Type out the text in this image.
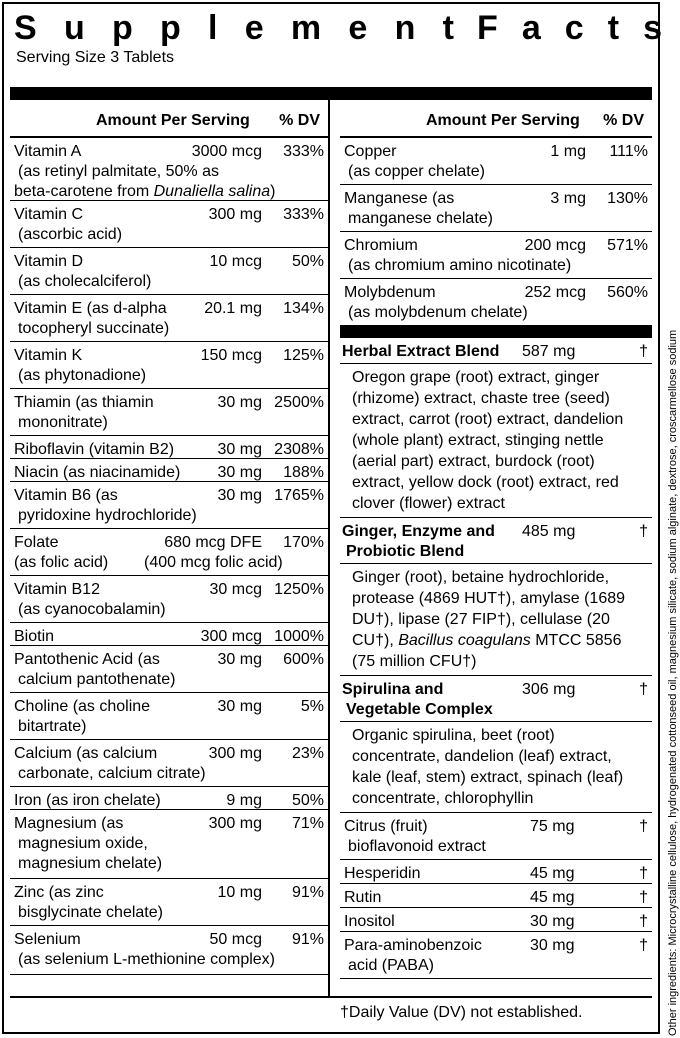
S u p p l e m e n t F a c t s
Serving Size 3 Tablets
Amount Per Serving % DV
Vitamin A	3000 mcg 333%
(as retinyl palmitate, 50% as
beta-carotene from Dunaliella salina)
Vitamin C	300 mg 333%
(ascorbic acid)
Vitamin D	10 mcg 50%
(as cholecalciferol)
Vitamin E (as d-alpha 20.1 mg 134%
tocopheryl succinate)
Vitamin K	150 mcg 125%
(as phytonadione)
Thiamin (as thiamin	30 mg 2500%
mononitrate)
Riboflavin (vitamin B2)	30 mg 2308%
Niacin (as niacinamide) 30 mg 188%
Vitamin B6 (as	30 mg 1765%
pyridoxine hydrochloride)
Folate	680 mcg DFE 170%
(as folic acid) (400 mcg folic acid)
Vitamin B12	30 mcg 1250%
(as cyanocobalamin)
Biotin	300 mcg 1000%
Pantothenic Acid (as	30 mg 600%
calcium pantothenate)
Choline (as choline	30 mg 5%
bitartrate)
Calcium (as calcium	300 mg 23%
carbonate, calcium citrate)
Iron (as iron chelate)	9 mg 50%
Magnesium (as	300 mg 71%
magnesium oxide,
magnesium chelate)
Zinc (as zinc	10 mg 91%
bisglycinate chelate)
Selenium	50 mcg 91%
(as selenium L-methionine complex)
Amount Per Serving % DV
Copper	1 mg 111%
(as copper chelate)
Manganese (as	3 mg 130%
manganese chelate)
Chromium	200 mcg 571%
(as chromium amino nicotinate)
Molybdenum	252 mcg 560%
(as molybdenum chelate)
Herbal Extract Blend 587 mg	†
Oregon grape (root) extract, ginger
(rhizome) extract, chaste tree (seed)
extract, carrot (root) extract, dandelion
(whole plant) extract, stinging nettle
(aerial part) extract, burdock (root)
extract, yellow dock (root) extract, red
clover (flower) extract
Ginger, Enzyme and
Probiotic Blend
485 mg	†
Ginger (root), betaine hydrochloride,
protease (4869 HUT†), amylase (1689
DU†), lipase (27 FIP†), cellulase (20
CU†), Bacillus coagulans MTCC 5856
(75 million CFU†)
Spirulina and
Vegetable Complex
306 mg	†
Organic spirulina, beet (root)
concentrate, dandelion (leaf) extract,
kale (leaf, stem) extract, spinach (leaf)
concentrate, chlorophyllin
Citrus (fruit)	75 mg	†
bioflavonoid extract
Hesperidin	45 mg	†
Rutin	45 mg	†
Inositol	30 mg	†
Para-aminobenzoic	30 mg	†
acid (PABA)
†Daily Value (DV) not established.	Other ingredients: Microcrystalline cellulose, hydrogenated cottonseed oil, magnesium silicate, sodium alginate, dextrose, croscarmellose sodium
